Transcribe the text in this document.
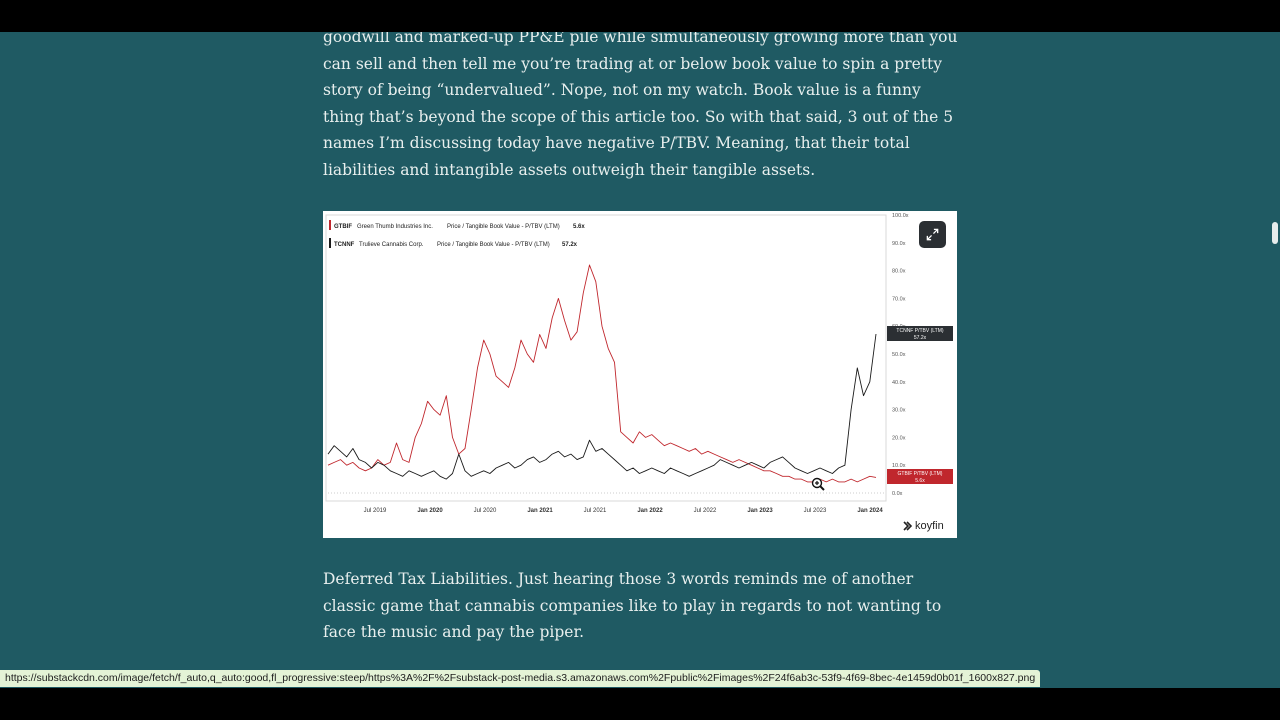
goodwill and marked-up PP&E pile while simultaneously growing more than you can sell and then tell me you’re trading at or below book value to spin a pretty story of being “undervalued”. Nope, not on my watch. Book value is a funny thing that’s beyond the scope of this article too. So with that said, 3 out of the 5 names I’m discussing today have negative P/TBV. Meaning, that their total liabilities and intangible assets outweigh their tangible assets.

100.0x
90.0x
80.0x
70.0x
50.0x
40.0x
30.0x
20.0x
10.0x
0.0x
Jul 2019	Jan 2020	Jul 2020	Jan 2021	Jul 2021	Jan 2022	Jul 2022	Jan 2023	Jul 2023	Jan 2024
GTBIF Green Thumb Industries Inc. Price / Tangible Book Value - P/TBV (LTM) 5.6x
TCNNF Trulieve Cannabis Corp. Price / Tangible Book Value - P/TBV (LTM) 57.2x
TCNNF P/TBV (LTM)
57.2x
GTBIF P/TBV (LTM)
5.6x
koyfin

Deferred Tax Liabilities. Just hearing those 3 words reminds me of another classic game that cannabis companies like to play in regards to not wanting to face the music and pay the piper.

https://substackcdn.com/image/fetch/f_auto,q_auto:good,fl_progressive:steep/https%3A%2F%2Fsubstack-post-media.s3.amazonaws.com%2Fpublic%2Fimages%2F24f6ab3c-53f9-4f69-8bec-4e1459d0b01f_1600x827.png
